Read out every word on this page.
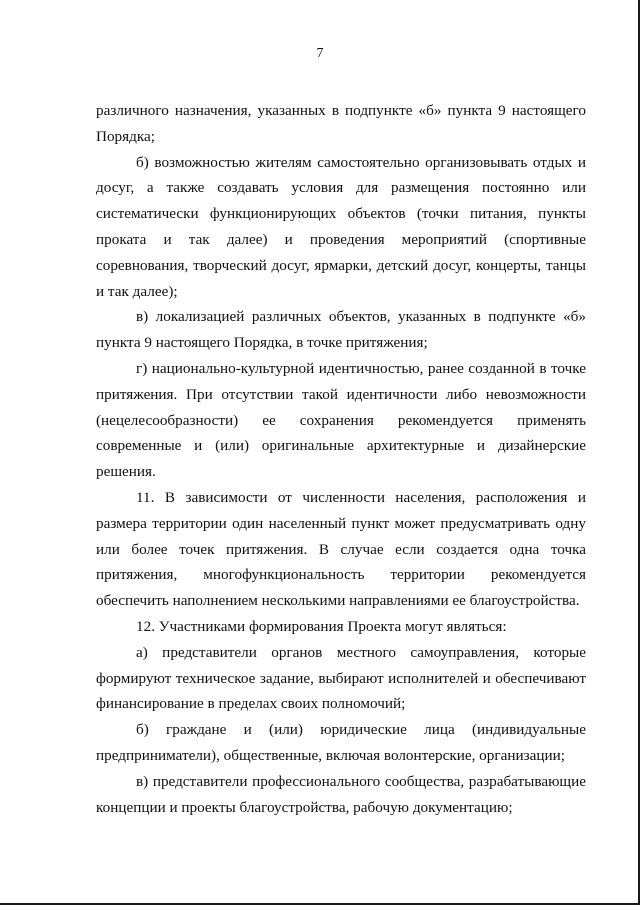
7

различного назначения, указанных в подпункте «б» пункта 9 настоящего Порядка;

б) возможностью жителям самостоятельно организовывать отдых и досуг, а также создавать условия для размещения постоянно или систематически функционирующих объектов (точки питания, пункты проката и так далее) и проведения мероприятий (спортивные соревнования, творческий досуг, ярмарки, детский досуг, концерты, танцы и так далее);

в) локализацией различных объектов, указанных в подпункте «б» пункта 9 настоящего Порядка, в точке притяжения;

г) национально-культурной идентичностью, ранее созданной в точке притяжения. При отсутствии такой идентичности либо невозможности (нецелесообразности) ее сохранения рекомендуется применять современные и (или) оригинальные архитектурные и дизайнерские решения.

11. В зависимости от численности населения, расположения и размера территории один населенный пункт может предусматривать одну или более точек притяжения. В случае если создается одна точка притяжения, многофункциональность территории рекомендуется обеспечить наполнением несколькими направлениями ее благоустройства.

12. Участниками формирования Проекта могут являться:

а) представители органов местного самоуправления, которые формируют техническое задание, выбирают исполнителей и обеспечивают финансирование в пределах своих полномочий;

б) граждане и (или) юридические лица (индивидуальные предприниматели), общественные, включая волонтерские, организации;

в) представители профессионального сообщества, разрабатывающие концепции и проекты благоустройства, рабочую документацию;
